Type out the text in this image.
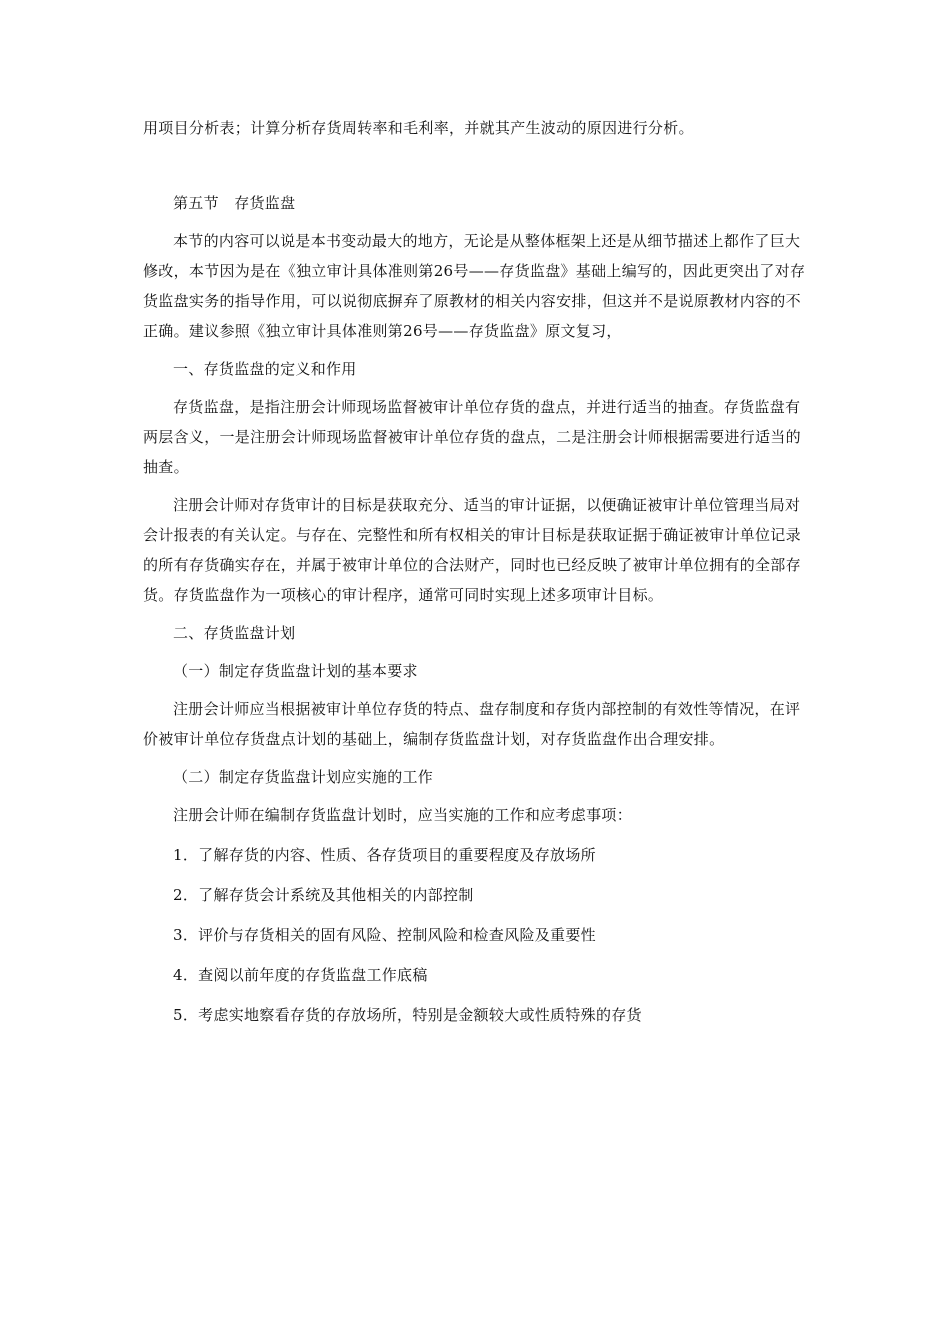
用项目分析表；计算分析存货周转率和毛利率，并就其产生波动的原因进行分析。

第五节　存货监盘

本节的内容可以说是本书变动最大的地方，无论是从整体框架上还是从细节描述上都作了巨大修改，本节因为是在《独立审计具体准则第26号——存货监盘》基础上编写的，因此更突出了对存货监盘实务的指导作用，可以说彻底摒弃了原教材的相关内容安排，但这并不是说原教材内容的不正确。建议参照《独立审计具体准则第26号——存货监盘》原文复习，

一、存货监盘的定义和作用

存货监盘，是指注册会计师现场监督被审计单位存货的盘点，并进行适当的抽查。存货监盘有两层含义，一是注册会计师现场监督被审计单位存货的盘点，二是注册会计师根据需要进行适当的抽查。

注册会计师对存货审计的目标是获取充分、适当的审计证据，以便确证被审计单位管理当局对会计报表的有关认定。与存在、完整性和所有权相关的审计目标是获取证据于确证被审计单位记录的所有存货确实存在，并属于被审计单位的合法财产，同时也已经反映了被审计单位拥有的全部存货。存货监盘作为一项核心的审计程序，通常可同时实现上述多项审计目标。

二、存货监盘计划

（一）制定存货监盘计划的基本要求

注册会计师应当根据被审计单位存货的特点、盘存制度和存货内部控制的有效性等情况，在评价被审计单位存货盘点计划的基础上，编制存货监盘计划，对存货监盘作出合理安排。

（二）制定存货监盘计划应实施的工作

注册会计师在编制存货监盘计划时，应当实施的工作和应考虑事项：

1．了解存货的内容、性质、各存货项目的重要程度及存放场所

2．了解存货会计系统及其他相关的内部控制

3．评价与存货相关的固有风险、控制风险和检查风险及重要性

4．查阅以前年度的存货监盘工作底稿

5．考虑实地察看存货的存放场所，特别是金额较大或性质特殊的存货
